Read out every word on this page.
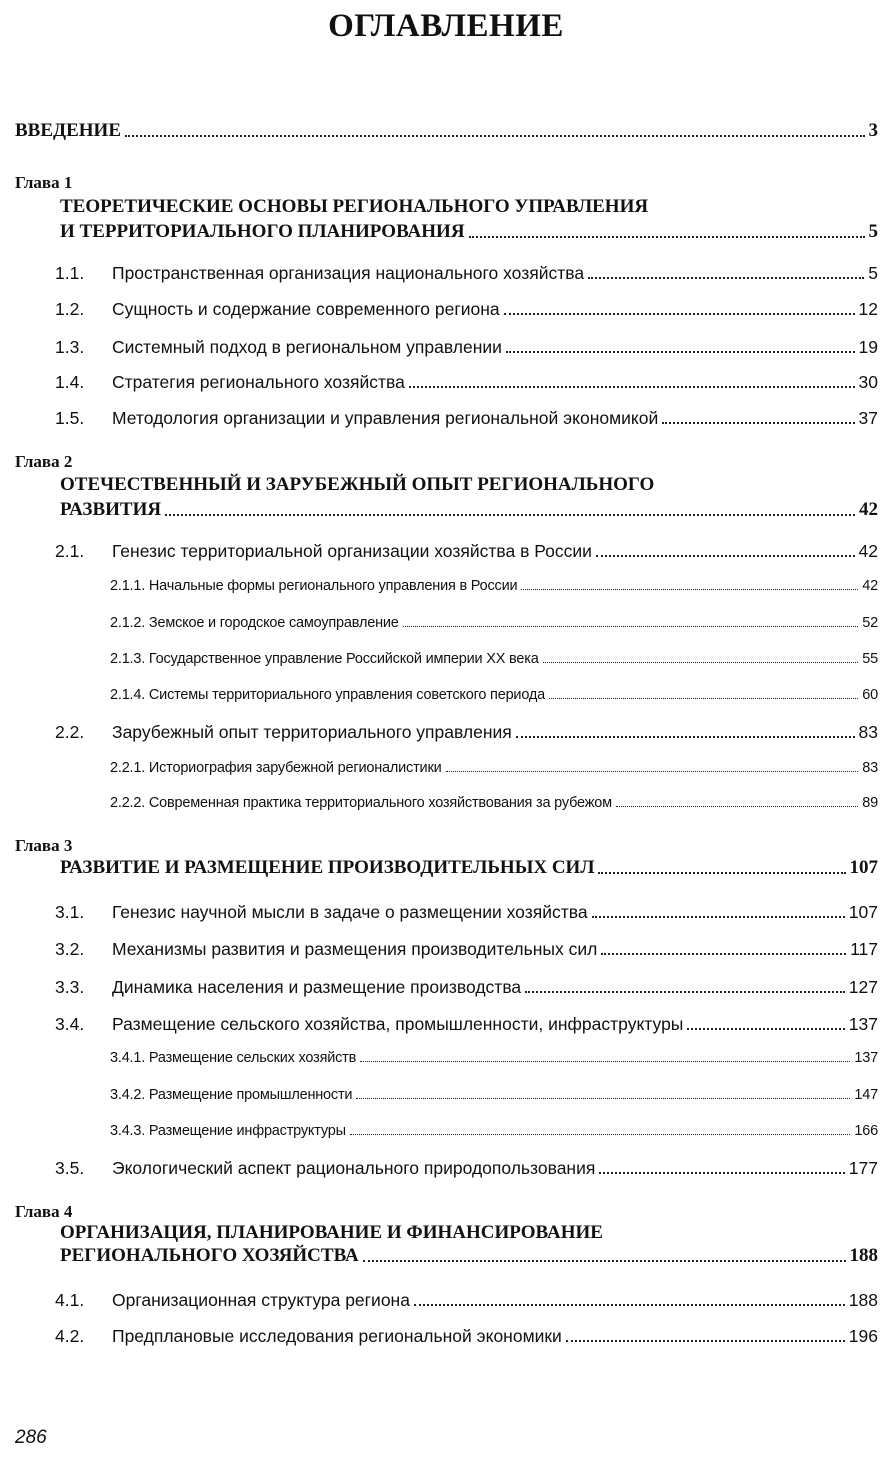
ОГЛАВЛЕНИЕ
ВВЕДЕНИЕ	3
Глава 1
ТЕОРЕТИЧЕСКИЕ ОСНОВЫ РЕГИОНАЛЬНОГО УПРАВЛЕНИЯ
И ТЕРРИТОРИАЛЬНОГО ПЛАНИРОВАНИЯ	5
1.1.	Пространственная организация национального хозяйства	5
1.2.	Сущность и содержание современного региона	12
1.3.	Системный подход в региональном управлении	19
1.4.	Стратегия регионального хозяйства	30
1.5.	Методология организации и управления региональной экономикой	37
Глава 2
ОТЕЧЕСТВЕННЫЙ И ЗАРУБЕЖНЫЙ ОПЫТ РЕГИОНАЛЬНОГО
РАЗВИТИЯ	42
2.1.	Генезис территориальной организации хозяйства в России	42
2.1.1. Начальные формы регионального управления в России	42
2.1.2. Земское и городское самоуправление	52
2.1.3. Государственное управление Российской империи XX века	55
2.1.4. Системы территориального управления советского периода	60
2.2.	Зарубежный опыт территориального управления	83
2.2.1. Историография зарубежной регионалистики	83
2.2.2. Современная практика территориального хозяйствования за рубежом	89
Глава 3
РАЗВИТИЕ И РАЗМЕЩЕНИЕ ПРОИЗВОДИТЕЛЬНЫХ СИЛ	107
3.1.	Генезис научной мысли в задаче о размещении хозяйства	107
3.2.	Механизмы развития и размещения производительных сил	117
3.3.	Динамика населения и размещение производства	127
3.4.	Размещение сельского хозяйства, промышленности, инфраструктуры	137
3.4.1. Размещение сельских хозяйств	137
3.4.2. Размещение промышленности	147
3.4.3. Размещение инфраструктуры	166
3.5.	Экологический аспект рационального природопользования	177
Глава 4
ОРГАНИЗАЦИЯ, ПЛАНИРОВАНИЕ И ФИНАНСИРОВАНИЕ
РЕГИОНАЛЬНОГО ХОЗЯЙСТВА	188
4.1.	Организационная структура региона	188
4.2.	Предплановые исследования региональной экономики	196
286
